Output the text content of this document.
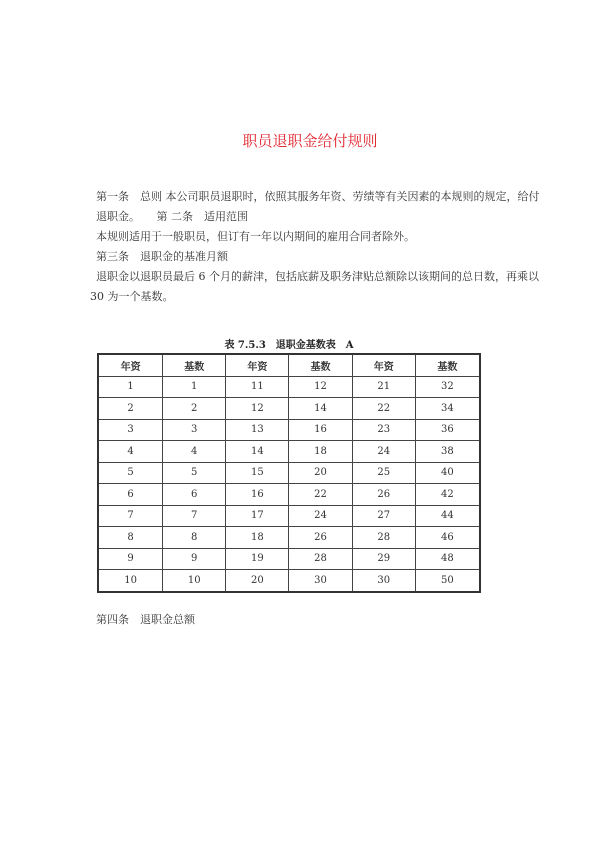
职员退职金给付规则
第一条　总则 本公司职员退职时，依照其服务年资、劳绩等有关因素的本规则的规定，给付
退职金。　　第 二条　适用范围
本规则适用于一般职员，但订有一年以内期间的雇用合同者除外。
第三条　退职金的基准月额
退职金以退职员最后 6 个月的薪津，包括底薪及职务津贴总额除以该期间的总日数，再乘以
30 为一个基数。
表 7.5.3　退职金基数表　A
年资	基数	年资	基数	年资	基数
1	1	11	12	21	32
2	2	12	14	22	34
3	3	13	16	23	36
4	4	14	18	24	38
5	5	15	20	25	40
6	6	16	22	26	42
7	7	17	24	27	44
8	8	18	26	28	46
9	9	19	28	29	48
10	10	20	30	30	50
第四条　退职金总额
